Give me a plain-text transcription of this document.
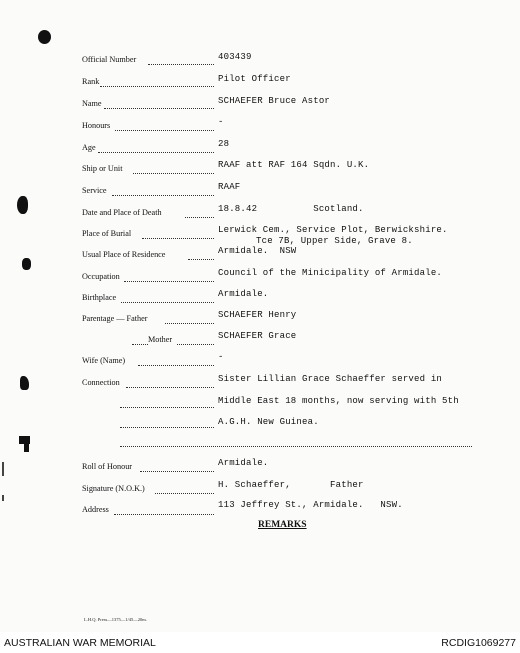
Official Number	403439
Rank	Pilot Officer
Name	SCHAEFER Bruce Astor
Honours	-
Age	28
Ship or Unit	RAAF att RAF 164 Sqdn. U.K.
Service	RAAF
Date and Place of Death	18.8.42          Scotland.
Place of Burial	Lerwick Cem., Service Plot, Berwickshire.
Tce 7B, Upper Side, Grave 8.
Usual Place of Residence	Armidale.  NSW
Occupation	Council of the Minicipality of Armidale.
Birthplace	Armidale.
Parentage — Father	SCHAEFER Henry
Mother	SCHAEFER Grace
Wife (Name)	-
Connection	Sister Lillian Grace Schaeffer served in
Middle East 18 months, now serving with 5th
A.G.H. New Guinea.
Roll of Honour	Armidale.
Signature (N.O.K.)	H. Schaeffer,       Father
Address	113 Jeffrey St., Armidale.   NSW.
REMARKS
L.H.Q. Press—1375—1/45—20m.
AUSTRALIAN WAR MEMORIAL	RCDIG1069277
